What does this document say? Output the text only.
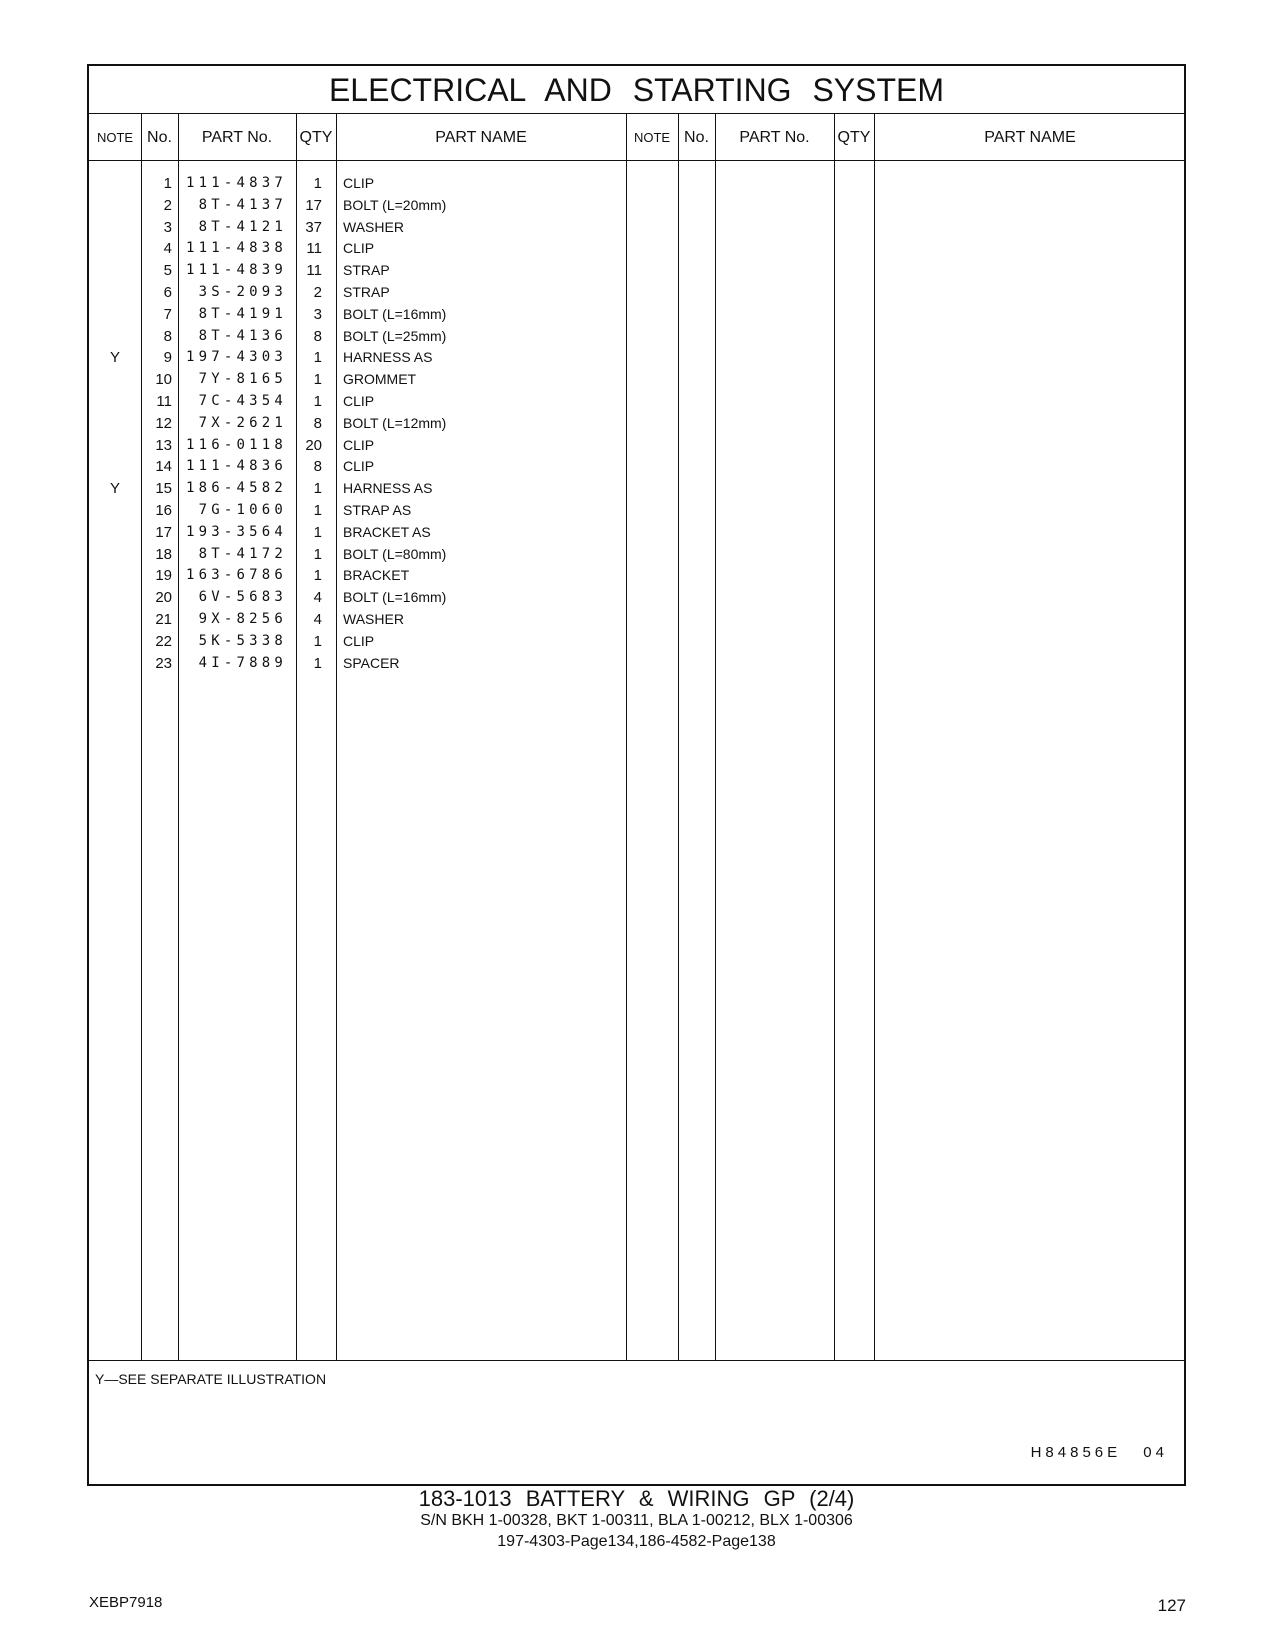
ELECTRICAL AND STARTING SYSTEM
NOTE No.	PART No.	QTY	PART NAME	NOTE No.	PART No.	QTY	PART NAME
1 111-4837	1 CLIP
2	8T-4137	17 BOLT (L=20mm)
3	8T-4121	37 WASHER
4 111-4838	11 CLIP
5 111-4839	11 STRAP
6	3S-2093	2 STRAP
7	8T-4191	3 BOLT (L=16mm)
8	8T-4136	8 BOLT (L=25mm)
Y	9 197-4303	1 HARNESS AS
10	7Y-8165	1 GROMMET
11	7C-4354	1 CLIP
12	7X-2621	8 BOLT (L=12mm)
13 116-0118	20 CLIP
14 111-4836	8 CLIP
Y	15 186-4582	1 HARNESS AS
16	7G-1060	1 STRAP AS
17 193-3564	1 BRACKET AS
18	8T-4172	1 BOLT (L=80mm)
19 163-6786	1 BRACKET
20	6V-5683	4 BOLT (L=16mm)
21	9X-8256	4 WASHER
22	5K-5338	1 CLIP
23	4I-7889	1 SPACER
Y—SEE SEPARATE ILLUSTRATION
H84856E 04
183-1013 BATTERY & WIRING GP (2/4)
S/N BKH 1-00328, BKT 1-00311, BLA 1-00212, BLX 1-00306
197-4303-Page134,186-4582-Page138
XEBP7918	127
